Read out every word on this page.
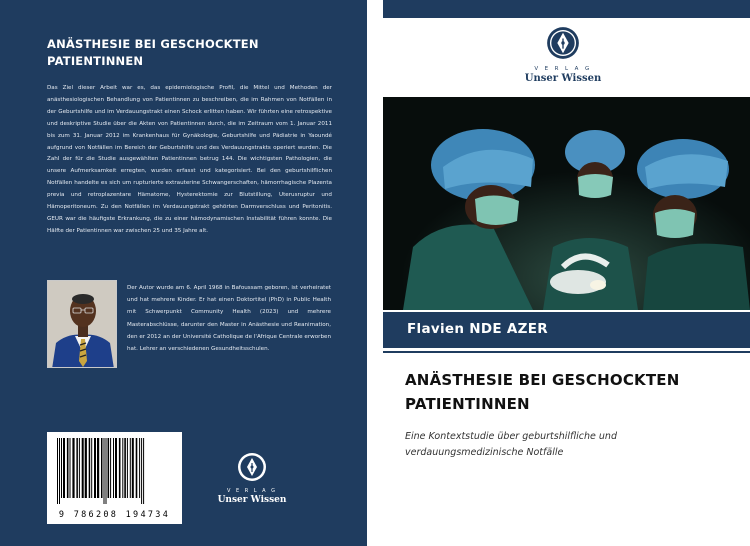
ANÄSTHESIE BEI GESCHOCKTEN PATIENTINNEN
Das Ziel dieser Arbeit war es, das epidemiologische Profil, die Mittel und Methoden der anästhesiologischen Behandlung von Patientinnen zu beschreiben, die im Rahmen von Notfällen in der Geburtshilfe und im Verdauungstrakt einen Schock erlitten haben. Wir führten eine retrospektive und deskriptive Studie über die Akten von Patientinnen durch, die im Zeitraum vom 1. Januar 2011 bis zum 31. Januar 2012 im Krankenhaus für Gynäkologie, Geburtshilfe und Pädiatrie in Yaoundé aufgrund von Notfällen im Bereich der Geburtshilfe und des Verdauungstrakts operiert wurden. Die Zahl der für die Studie ausgewählten Patientinnen betrug 144. Die wichtigsten Pathologien, die unsere Aufmerksamkeit erregten, wurden erfasst und kategorisiert. Bei den geburtshilflichen Notfällen handelte es sich um rupturierte extrauterine Schwangerschaften, hämorrhagische Plazenta previa und retroplazentare Hämatome, Hysterektomie zur Blutstillung, Uterusruptur und Hämoperitoneum. Zu den Notfällen im Verdauungstrakt gehörten Darmverschluss und Peritonitis. GEUR war die häufigste Erkrankung, die zu einer hämodynamischen Instabilität führen konnte. Die Hälfte der Patientinnen war zwischen 25 und 35 Jahre alt.
Der Autor wurde am 6. April 1968 in Bafoussam geboren, ist verheiratet und hat mehrere Kinder. Er hat einen Doktortitel (PhD) in Public Health mit Schwerpunkt Community Health (2023) und mehrere Masterabschlüsse, darunter den Master in Anästhesie und Reanimation, den er 2012 an der Université Catholique de l'Afrique Centrale erworben hat. Lehrer an verschiedenen Gesundheitsschulen.
9 786208 194734
V E R L A G
Unser Wissen
V E R L A G
Unser Wissen
Flavien NDE AZER
ANÄSTHESIE BEI GESCHOCKTEN PATIENTINNEN
Eine Kontextstudie über geburtshilfliche und verdauungsmedizinische Notfälle
